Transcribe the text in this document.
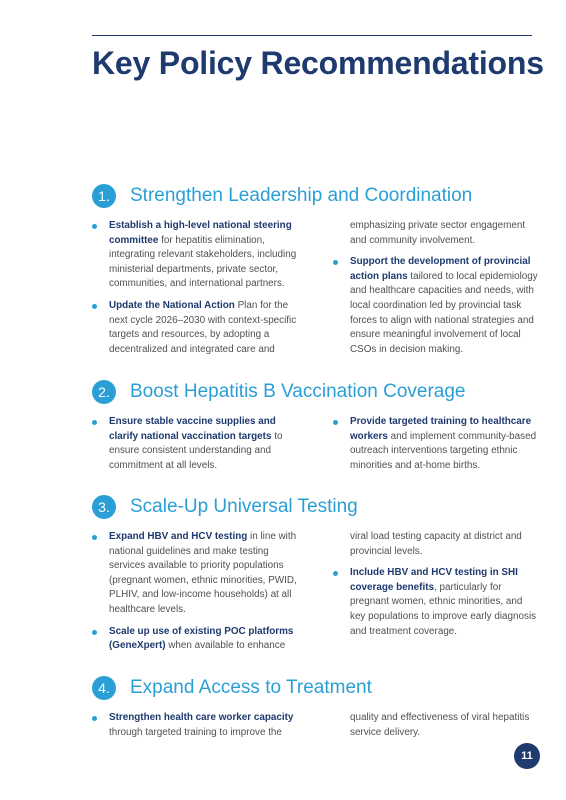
Key Policy Recommendations
1.	Strengthen Leadership and Coordination
Establish a high-level national steering committee for hepatitis elimination, integrating relevant stakeholders, including ministerial departments, private sector, communities, and international partners.
Update the National Action Plan for the next cycle 2026–2030 with context-specific targets and resources, by adopting a decentralized and integrated care and
emphasizing private sector engagement and community involvement.
Support the development of provincial action plans tailored to local epidemiology and healthcare capacities and needs, with local coordination led by provincial task forces to align with national strategies and ensure meaningful involvement of local CSOs in decision making.
2.	Boost Hepatitis B Vaccination Coverage
Ensure stable vaccine supplies and clarify national vaccination targets to ensure consistent understanding and commitment at all levels.
Provide targeted training to healthcare workers and implement community-based outreach interventions targeting ethnic minorities and at-home births.
3.	Scale-Up Universal Testing
Expand HBV and HCV testing in line with national guidelines and make testing services available to priority populations (pregnant women, ethnic minorities, PWID, PLHIV, and low-income households) at all healthcare levels.
Scale up use of existing POC platforms (GeneXpert) when available to enhance
viral load testing capacity at district and provincial levels.
Include HBV and HCV testing in SHI coverage benefits, particularly for pregnant women, ethnic minorities, and key populations to improve early diagnosis and treatment coverage.
4.	Expand Access to Treatment
Strengthen health care worker capacity through targeted training to improve the
quality and effectiveness of viral hepatitis service delivery.
11
